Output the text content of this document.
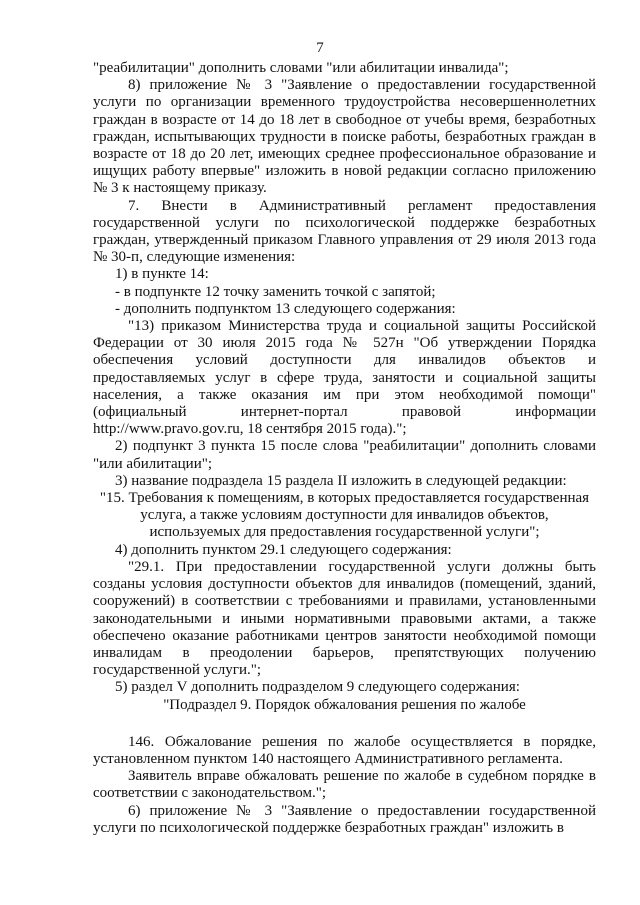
7

"реабилитации" дополнить словами "или абилитации инвалида";

8) приложение № 3 "Заявление о предоставлении государственной услуги по организации временного трудоустройства несовершеннолетних граждан в возрасте от 14 до 18 лет в свободное от учебы время, безработных граждан, испытывающих трудности в поиске работы, безработных граждан в возрасте от 18 до 20 лет, имеющих среднее профессиональное образование и ищущих работу впервые" изложить в новой редакции согласно приложению № 3 к настоящему приказу.

7. Внести в Административный регламент предоставления государственной услуги по психологической поддержке безработных граждан, утвержденный приказом Главного управления от 29 июля 2013 года № 30-п, следующие изменения:

1) в пункте 14:

- в подпункте 12 точку заменить точкой с запятой;

- дополнить подпунктом 13 следующего содержания:

"13) приказом Министерства труда и социальной защиты Российской Федерации от 30 июля 2015 года № 527н "Об утверждении Порядка обеспечения условий доступности для инвалидов объектов и предоставляемых услуг в сфере труда, занятости и социальной защиты населения, а также оказания им при этом необходимой помощи" (официальный интернет-портал правовой информации http://www.pravo.gov.ru, 18 сентября 2015 года).";

2) подпункт 3 пункта 15 после слова "реабилитации" дополнить словами "или абилитации";

3) название подраздела 15 раздела II изложить в следующей редакции:

"15. Требования к помещениям, в которых предоставляется государственная услуга, а также условиям доступности для инвалидов объектов, используемых для предоставления государственной услуги";

4) дополнить пунктом 29.1 следующего содержания:

"29.1. При предоставлении государственной услуги должны быть созданы условия доступности объектов для инвалидов (помещений, зданий, сооружений) в соответствии с требованиями и правилами, установленными законодательными и иными нормативными правовыми актами, а также обеспечено оказание работниками центров занятости необходимой помощи инвалидам в преодолении барьеров, препятствующих получению государственной услуги.";

5) раздел V дополнить подразделом 9 следующего содержания:

"Подраздел 9. Порядок обжалования решения по жалобе

146. Обжалование решения по жалобе осуществляется в порядке, установленном пунктом 140 настоящего Административного регламента.

Заявитель вправе обжаловать решение по жалобе в судебном порядке в соответствии с законодательством.";

6) приложение № 3 "Заявление о предоставлении государственной услуги по психологической поддержке безработных граждан" изложить в
